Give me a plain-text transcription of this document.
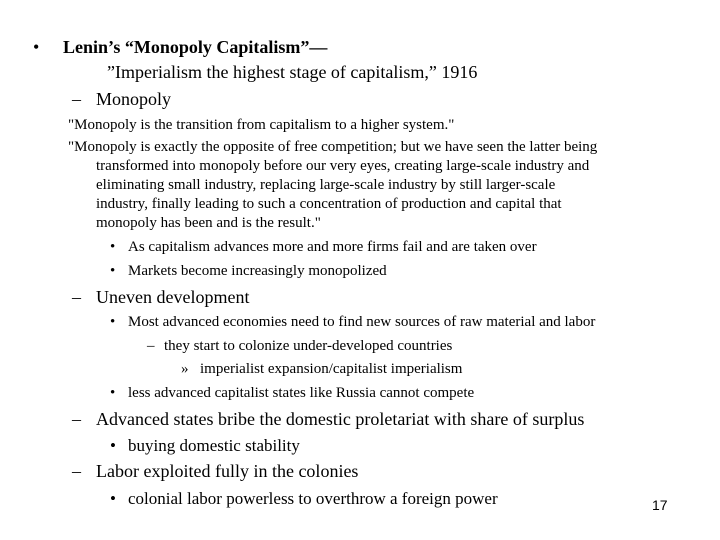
• Lenin’s “Monopoly Capitalism”—
”Imperialism the highest stage of capitalism,” 1916
– Monopoly
"Monopoly is the transition from capitalism to a higher system."
"Monopoly is exactly the opposite of free competition; but we have seen the latter being
transformed into monopoly before our very eyes, creating large-scale industry and
eliminating small industry, replacing large-scale industry by still larger-scale
industry, finally leading to such a concentration of production and capital that
monopoly has been and is the result."
• As capitalism advances more and more firms fail and are taken over
• Markets become increasingly monopolized
– Uneven development
• Most advanced economies need to find new sources of raw material and labor
– they start to colonize under-developed countries
» imperialist expansion/capitalist imperialism
• less advanced capitalist states like Russia cannot compete
– Advanced states bribe the domestic proletariat with share of surplus
• buying domestic stability
– Labor exploited fully in the colonies
• colonial labor powerless to overthrow a foreign power	17
